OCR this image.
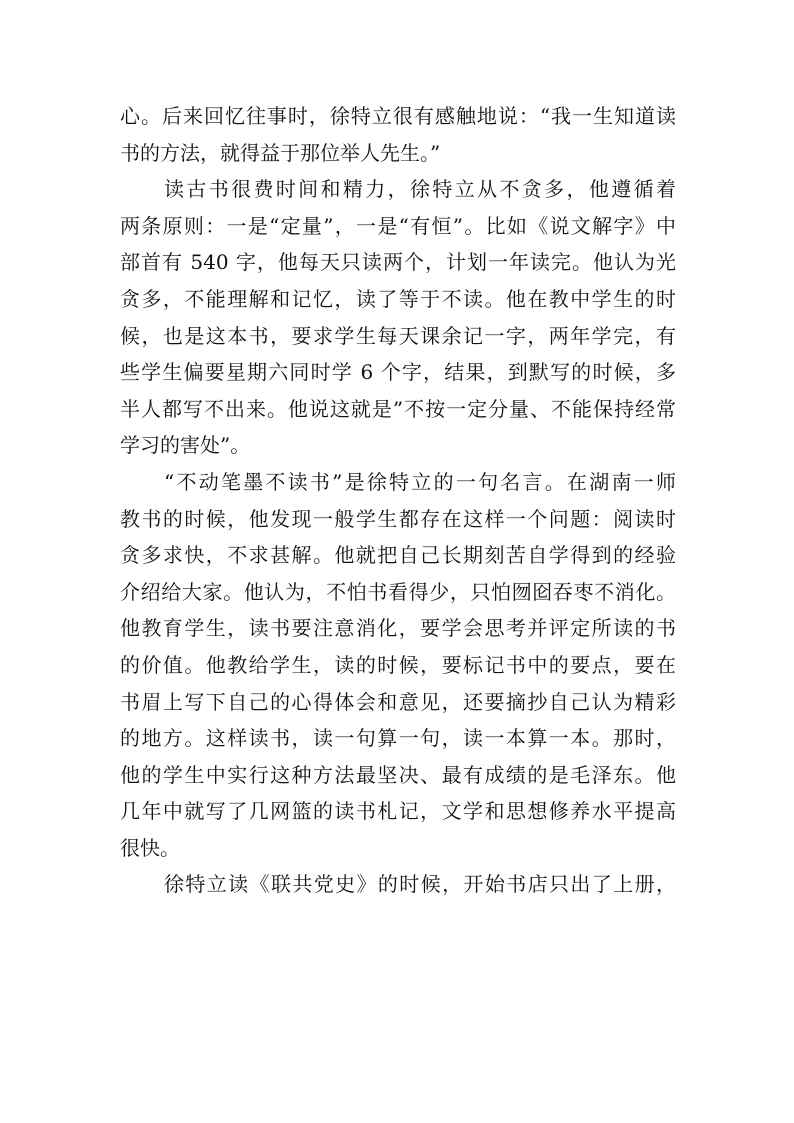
心。后来回忆往事时，徐特立很有感触地说：“我一生知道读
书的方法，就得益于那位举人先生。”
读古书很费时间和精力，徐特立从不贪多，他遵循着
两条原则：一是“定量”，一是“有恒”。比如《说文解字》中
部首有 540 字，他每天只读两个，计划一年读完。他认为光
贪多，不能理解和记忆，读了等于不读。他在教中学生的时
候，也是这本书，要求学生每天课余记一字，两年学完，有
些学生偏要星期六同时学 6 个字，结果，到默写的时候，多
半人都写不出来。他说这就是”不按一定分量、不能保持经常
学习的害处”。
“不动笔墨不读书”是徐特立的一句名言。在湖南一师
教书的时候，他发现一般学生都存在这样一个问题：阅读时
贪多求快，不求甚解。他就把自己长期刻苦自学得到的经验
介绍给大家。他认为，不怕书看得少，只怕囫囵吞枣不消化。
他教育学生，读书要注意消化，要学会思考并评定所读的书
的价值。他教给学生，读的时候，要标记书中的要点，要在
书眉上写下自己的心得体会和意见，还要摘抄自己认为精彩
的地方。这样读书，读一句算一句，读一本算一本。那时，
他的学生中实行这种方法最坚决、最有成绩的是毛泽东。他
几年中就写了几网篮的读书札记，文学和思想修养水平提高
很快。
徐特立读《联共党史》的时候，开始书店只出了上册，
